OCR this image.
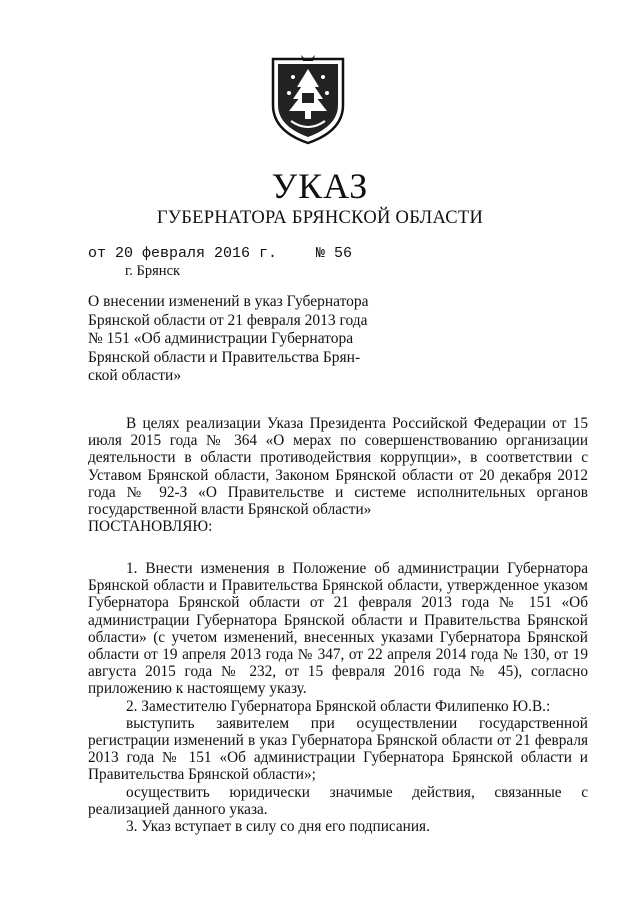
УКАЗ
ГУБЕРНАТОРА БРЯНСКОЙ ОБЛАСТИ
от 20 февраля 2016 г.	№ 56
г. Брянск
О внесении изменений в указ Губернатора
Брянской области от 21 февраля 2013 года
№ 151 «Об администрации Губернатора
Брянской области и Правительства Брян-
ской области»

В целях реализации Указа Президента Российской Федерации от 15 июля 2015 года № 364 «О мерах по совершенствованию организации деятельности в области противодействия коррупции», в соответствии с Уставом Брянской области, Законом Брянской области от 20 декабря 2012 года № 92-З «О Правительстве и системе исполнительных органов государственной власти Брянской области»

ПОСТАНОВЛЯЮ:

1. Внести изменения в Положение об администрации Губернатора Брянской области и Правительства Брянской области, утвержденное указом Губернатора Брянской области от 21 февраля 2013 года № 151 «Об администрации Губернатора Брянской области и Правительства Брянской области» (с учетом изменений, внесенных указами Губернатора Брянской области от 19 апреля 2013 года № 347, от 22 апреля 2014 года № 130, от 19 августа 2015 года № 232, от 15 февраля 2016 года № 45), согласно приложению к настоящему указу.

2. Заместителю Губернатора Брянской области Филипенко Ю.В.:

выступить заявителем при осуществлении государственной регистрации изменений в указ Губернатора Брянской области от 21 февраля 2013 года № 151 «Об администрации Губернатора Брянской области и Правительства Брянской области»;

осуществить юридически значимые действия, связанные с реализацией данного указа.

3. Указ вступает в силу со дня его подписания.
